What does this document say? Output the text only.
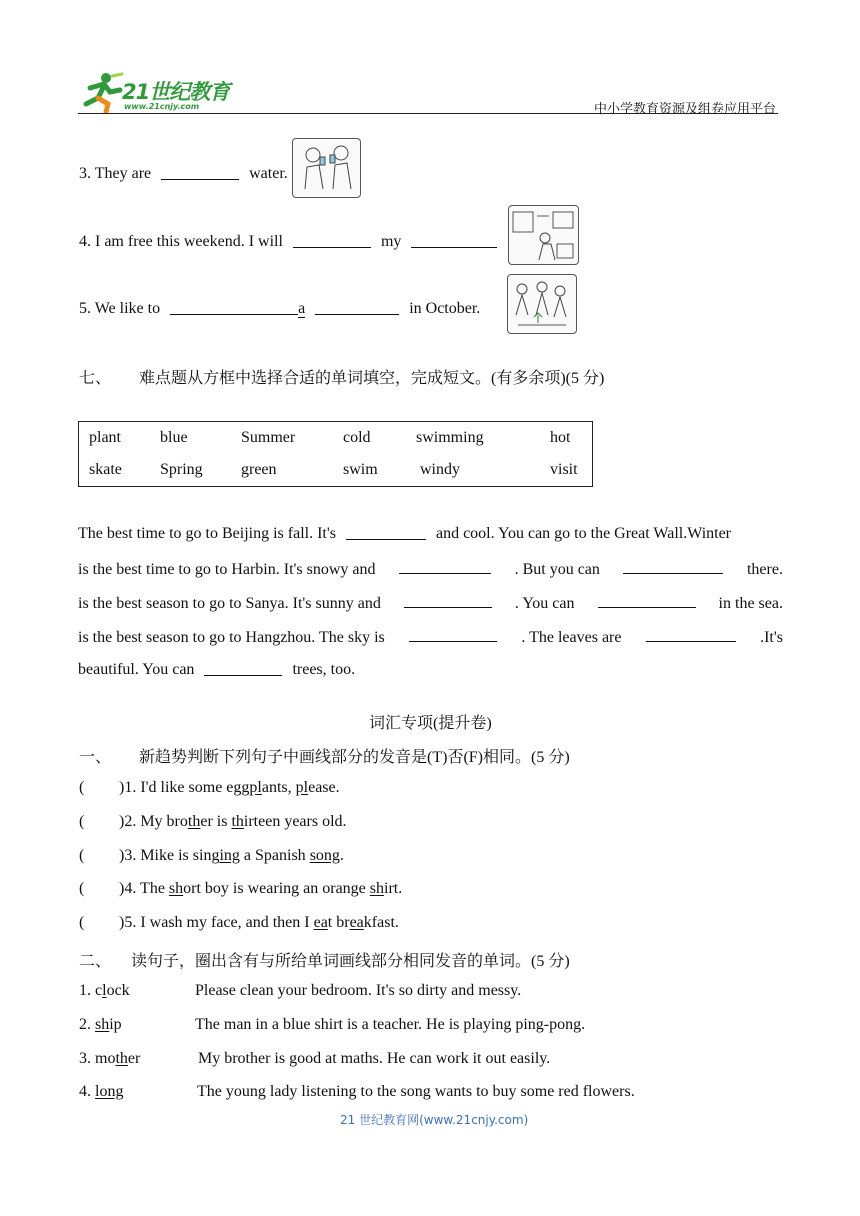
21世纪教育
www.21cnjy.com	中小学教育资源及组卷应用平台
3. They are	water.
4. I am free this weekend. I will	my
5. We like to	a	in October.
七、 难点题从方框中选择合适的单词填空，完成短文。(有多余项)(5 分)
plant	blue	Summer	cold	swimming	hot
skate	Spring	green	swim	windy	visit
The best time to go to Beijing is fall. It's	and cool. You can go to the Great Wall.Winter
is the best time to go to Harbin. It's snowy and	. But you can	there.
is the best season to go to Sanya. It's sunny and	. You can	in the sea.
is the best season to go to Hangzhou. The sky is	. The leaves are	.It's
beautiful. You can	trees, too.
词汇专项(提升卷)
一、 新趋势判断下列句子中画线部分的发音是(T)否(F)相同。(5 分)
( )1. I'd like some eggplants, please.
( )2. My brother is thirteen years old.
( )3. Mike is singing a Spanish song.
( )4. The short boy is wearing an orange shirt.
( )5. I wash my face, and then I eat breakfast.
二、 读句子，圈出含有与所给单词画线部分相同发音的单词。(5 分)
1. clock	Please clean your bedroom. It's so dirty and messy.
2. ship	The man in a blue shirt is a teacher. He is playing ping-pong.
3. mother	My brother is good at maths. He can work it out easily.
4. long	The young lady listening to the song wants to buy some red flowers.
21 世纪教育网(www.21cnjy.com)
